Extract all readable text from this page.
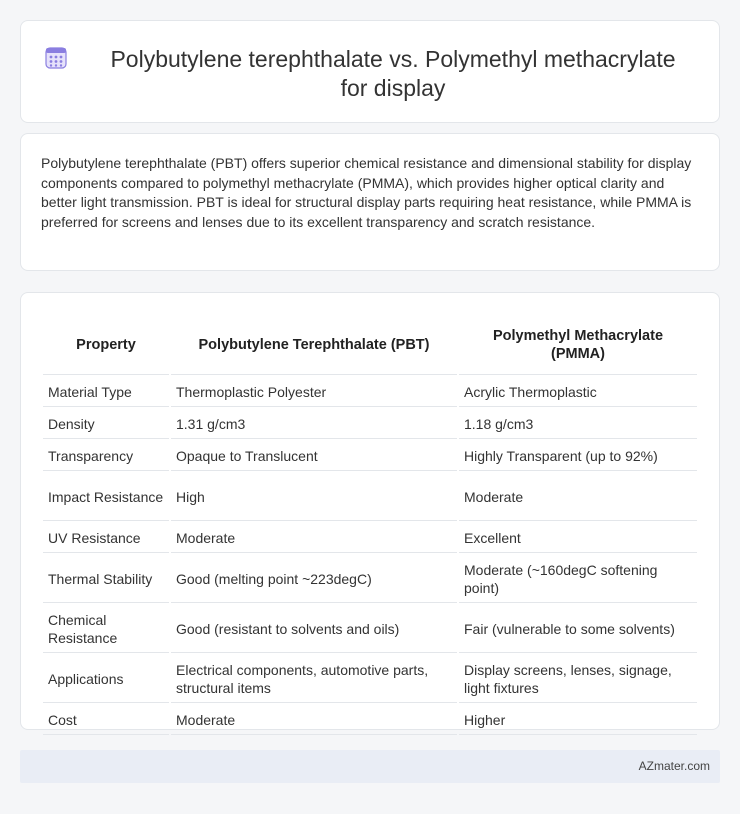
Polybutylene terephthalate vs. Polymethyl methacrylate for display

Polybutylene terephthalate (PBT) offers superior chemical resistance and dimensional stability for display components compared to polymethyl methacrylate (PMMA), which provides higher optical clarity and better light transmission. PBT is ideal for structural display parts requiring heat resistance, while PMMA is preferred for screens and lenses due to its excellent transparency and scratch resistance.

Property	Polybutylene Terephthalate (PBT)	Polymethyl Methacrylate (PMMA)
Material Type	Thermoplastic Polyester	Acrylic Thermoplastic
Density	1.31 g/cm3	1.18 g/cm3
Transparency	Opaque to Translucent	Highly Transparent (up to 92%)
Impact Resistance	High	Moderate
UV Resistance	Moderate	Excellent
Thermal Stability	Good (melting point ~223degC)	Moderate (~160degC softening point)
Chemical Resistance	Good (resistant to solvents and oils)	Fair (vulnerable to some solvents)
Applications	Electrical components, automotive parts, structural items	Display screens, lenses, signage, light fixtures
Cost	Moderate	Higher
AZmater.com
